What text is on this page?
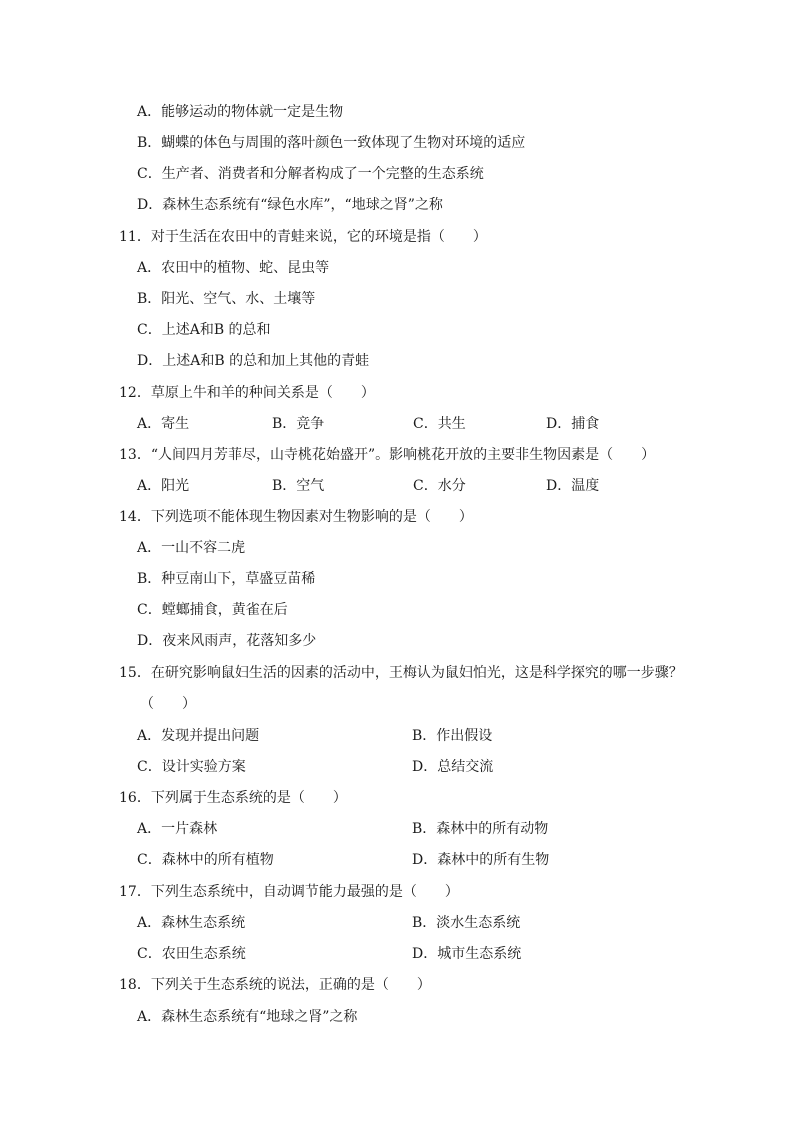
A．能够运动的物体就一定是生物
B．蝴蝶的体色与周围的落叶颜色一致体现了生物对环境的适应
C．生产者、消费者和分解者构成了一个完整的生态系统
D．森林生态系统有“绿色水库”，“地球之肾”之称
11．对于生活在农田中的青蛙来说，它的环境是指（　　）
A．农田中的植物、蛇、昆虫等
B．阳光、空气、水、土壤等
C．上述A和B 的总和
D．上述A和B 的总和加上其他的青蛙
12．草原上牛和羊的种间关系是（　　）
A．寄生	B．竞争	C．共生	D．捕食
13．“人间四月芳菲尽，山寺桃花始盛开”。影响桃花开放的主要非生物因素是（　　）
A．阳光	B．空气	C．水分	D．温度
14．下列选项不能体现生物因素对生物影响的是（　　）
A．一山不容二虎
B．种豆南山下，草盛豆苗稀
C．螳螂捕食，黄雀在后
D．夜来风雨声，花落知多少
15．在研究影响鼠妇生活的因素的活动中，王梅认为鼠妇怕光，这是科学探究的哪一步骤？
（　　）
A．发现并提出问题	B．作出假设
C．设计实验方案	D．总结交流
16．下列属于生态系统的是（　　）
A．一片森林	B．森林中的所有动物
C．森林中的所有植物	D．森林中的所有生物
17．下列生态系统中，自动调节能力最强的是（　　）
A．森林生态系统	B．淡水生态系统
C．农田生态系统	D．城市生态系统
18．下列关于生态系统的说法，正确的是（　　）
A．森林生态系统有“地球之肾”之称
